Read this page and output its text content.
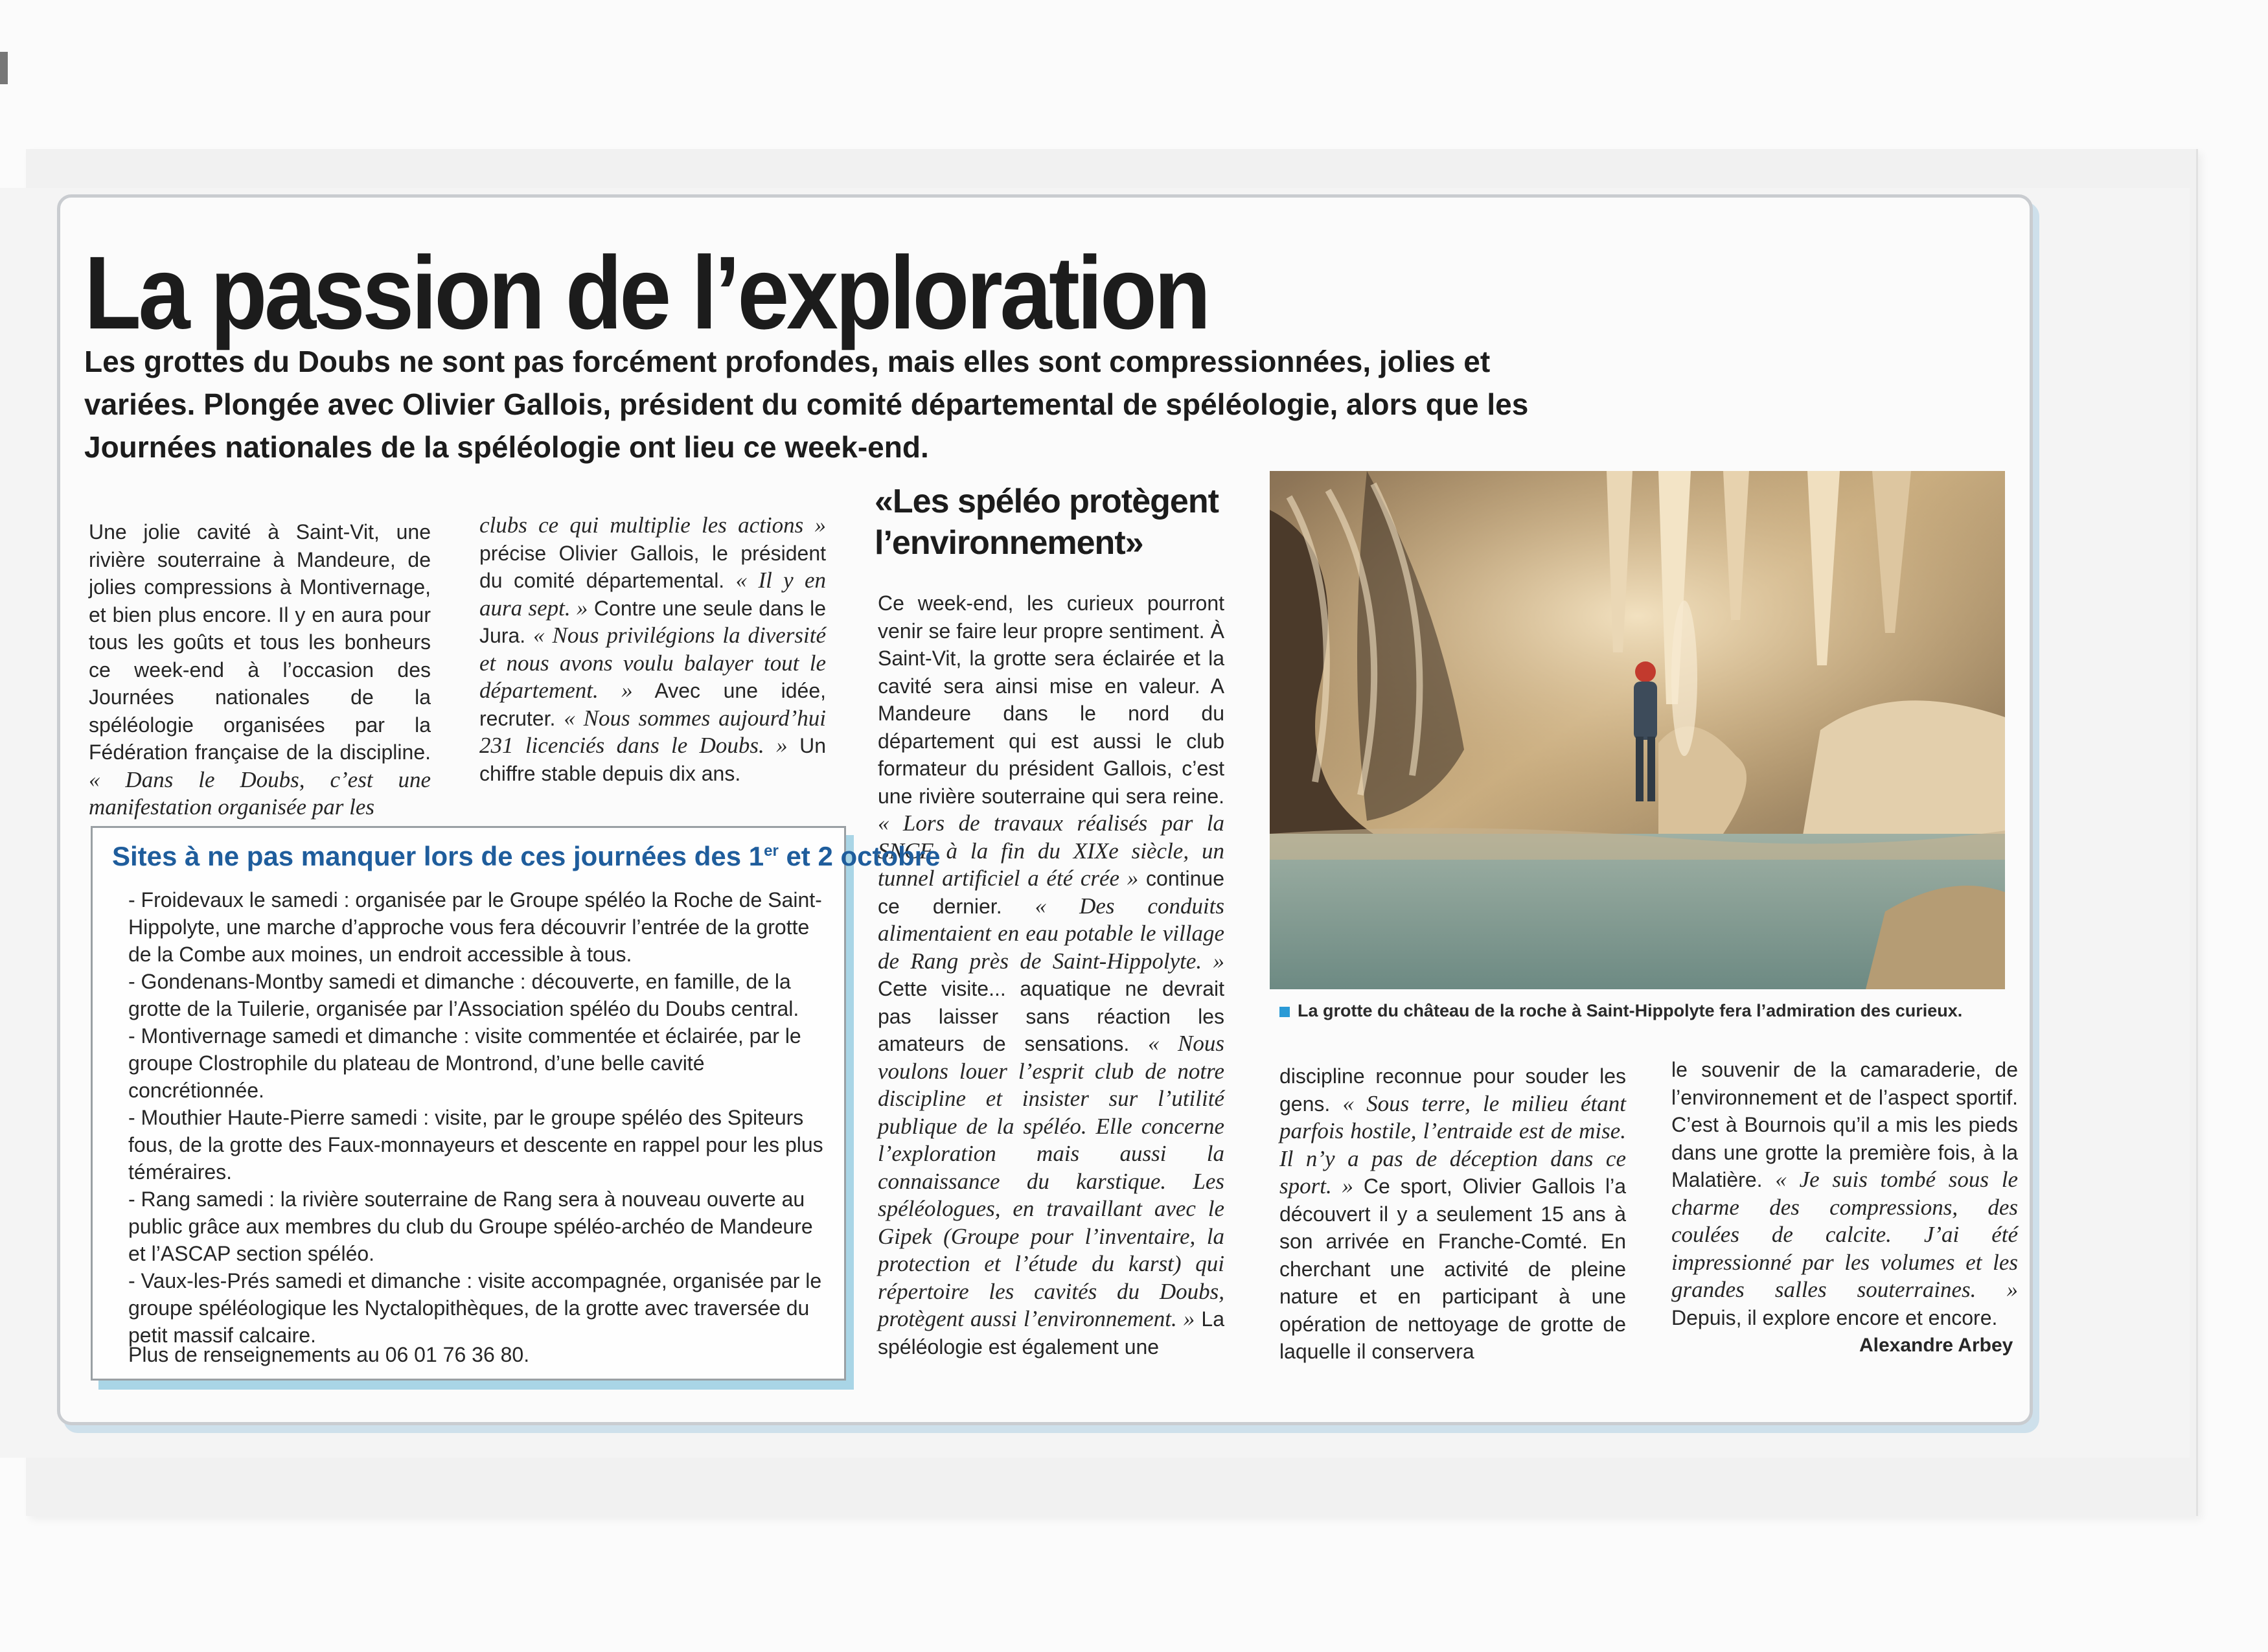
La passion de l’exploration

Les grottes du Doubs ne sont pas forcément profondes, mais elles sont compressionnées, jolies et variées. Plongée avec Olivier Gallois, président du comité départemental de spéléologie, alors que les Journées nationales de la spéléologie ont lieu ce week-end.

Une jolie cavité à Saint-Vit, une rivière souterraine à Mandeure, de jolies compressions à Montivernage, et bien plus encore. Il y en aura pour tous les goûts et tous les bonheurs ce week-end à l’occasion des Journées nationales de la spéléologie organisées par la Fédération française de la discipline. « Dans le Doubs, c’est une manifestation organisée par les

clubs ce qui multiplie les actions » précise Olivier Gallois, le président du comité départemental. « Il y en aura sept. » Contre une seule dans le Jura. « Nous privilégions la diversité et nous avons voulu balayer tout le département. » Avec une idée, recruter. « Nous sommes aujourd’hui 231 licenciés dans le Doubs. » Un chiffre stable depuis dix ans.

«Les spéléo protègent l’environnement»

Ce week-end, les curieux pourront venir se faire leur propre sentiment. À Saint-Vit, la grotte sera éclairée et la cavité sera ainsi mise en valeur. A Mandeure dans le nord du département qui est aussi le club formateur du président Gallois, c’est une rivière souterraine qui sera reine. « Lors de travaux réalisés par la SNCF à la fin du XIXe siècle, un tunnel artificiel a été crée » continue ce dernier. « Des conduits alimentaient en eau potable le village de Rang près de Saint-Hippolyte. » Cette visite... aquatique ne devrait pas laisser sans réaction les amateurs de sensations. « Nous voulons louer l’esprit club de notre discipline et insister sur l’utilité publique de la spéléo. Elle concerne l’exploration mais aussi la connaissance du karstique. Les spéléologues, en travaillant avec le Gipek (Groupe pour l’inventaire, la protection et l’étude du karst) qui répertoire les cavités du Doubs, protègent aussi l’environnement. » La spéléologie est également une

La grotte du château de la roche à Saint-Hippolyte fera l’admiration des curieux.

discipline reconnue pour souder les gens. « Sous terre, le milieu étant parfois hostile, l’entraide est de mise. Il n’y a pas de déception dans ce sport. » Ce sport, Olivier Gallois l’a découvert il y a seulement 15 ans à son arrivée en Franche-Comté. En cherchant une activité de pleine nature et en participant à une opération de nettoyage de grotte de laquelle il conservera

le souvenir de la camaraderie, de l’environnement et de l’aspect sportif. C’est à Bournois qu’il a mis les pieds dans une grotte la première fois, à la Malatière. « Je suis tombé sous le charme des compressions, des coulées de calcite. J’ai été impressionné par les volumes et les grandes salles souterraines. » Depuis, il explore encore et encore.

Alexandre Arbey

Sites à ne pas manquer lors de ces journées des 1er et 2 octobre
- Froidevaux le samedi : organisée par le Groupe spéléo la Roche de Saint-Hippolyte, une marche d’approche vous fera découvrir l’entrée de la grotte de la Combe aux moines, un endroit accessible à tous.
- Gondenans-Montby samedi et dimanche : découverte, en famille, de la grotte de la Tuilerie, organisée par l’Association spéléo du Doubs central.
- Montivernage samedi et dimanche : visite commentée et éclairée, par le groupe Clostrophile du plateau de Montrond, d’une belle cavité concrétionnée.
- Mouthier Haute-Pierre samedi : visite, par le groupe spéléo des Spiteurs fous, de la grotte des Faux-monnayeurs et descente en rappel pour les plus téméraires.
- Rang samedi : la rivière souterraine de Rang sera à nouveau ouverte au public grâce aux membres du club du Groupe spéléo-archéo de Mandeure et l’ASCAP section spéléo.
- Vaux-les-Prés samedi et dimanche : visite accompagnée, organisée par le groupe spéléologique les Nyctalopithèques, de la grotte avec traversée du petit massif calcaire.

Plus de renseignements au 06 01 76 36 80.
